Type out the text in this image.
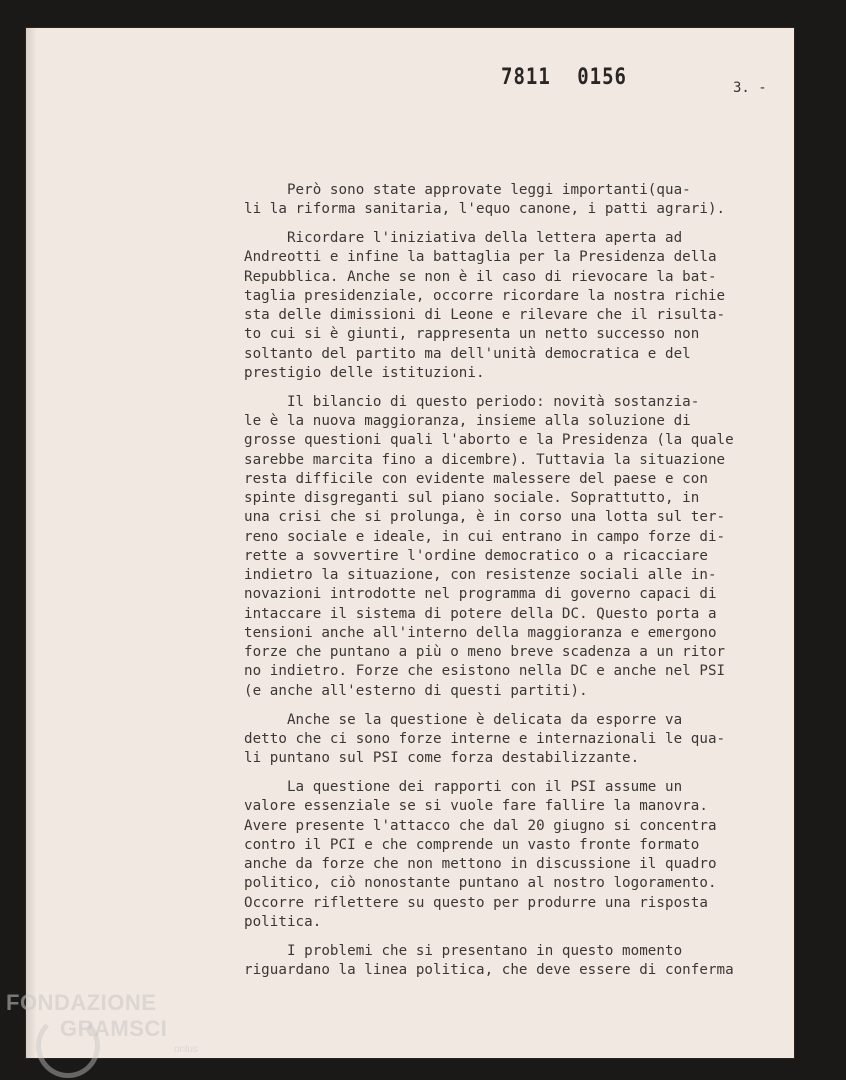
7811 0156	3. -
Però sono state approvate leggi importanti(qua-
li la riforma sanitaria, l'equo canone, i patti agrari).
Ricordare l'iniziativa della lettera aperta ad
Andreotti e infine la battaglia per la Presidenza della
Repubblica. Anche se non è il caso di rievocare la bat-
taglia presidenziale, occorre ricordare la nostra richie
sta delle dimissioni di Leone e rilevare che il risulta-
to cui si è giunti, rappresenta un netto successo non
soltanto del partito ma dell'unità democratica e del
prestigio delle istituzioni.
Il bilancio di questo periodo: novità sostanzia-
le è la nuova maggioranza, insieme alla soluzione di
grosse questioni quali l'aborto e la Presidenza (la quale
sarebbe marcita fino a dicembre). Tuttavia la situazione
resta difficile con evidente malessere del paese e con
spinte disgreganti sul piano sociale. Soprattutto, in
una crisi che si prolunga, è in corso una lotta sul ter-
reno sociale e ideale, in cui entrano in campo forze di-
rette a sovvertire l'ordine democratico o a ricacciare
indietro la situazione, con resistenze sociali alle in-
novazioni introdotte nel programma di governo capaci di
intaccare il sistema di potere della DC. Questo porta a
tensioni anche all'interno della maggioranza e emergono
forze che puntano a più o meno breve scadenza a un ritor
no indietro. Forze che esistono nella DC e anche nel PSI
(e anche all'esterno di questi partiti).
Anche se la questione è delicata da esporre va
detto che ci sono forze interne e internazionali le qua-
li puntano sul PSI come forza destabilizzante.
La questione dei rapporti con il PSI assume un
valore essenziale se si vuole fare fallire la manovra.
Avere presente l'attacco che dal 20 giugno si concentra
contro il PCI e che comprende un vasto fronte formato
anche da forze che non mettono in discussione il quadro
politico, ciò nonostante puntano al nostro logoramento.
Occorre riflettere su questo per produrre una risposta
politica.
I problemi che si presentano in questo momento
riguardano la linea politica, che deve essere di conferma
FONDAZIONE
GRAMSCI
onlus
